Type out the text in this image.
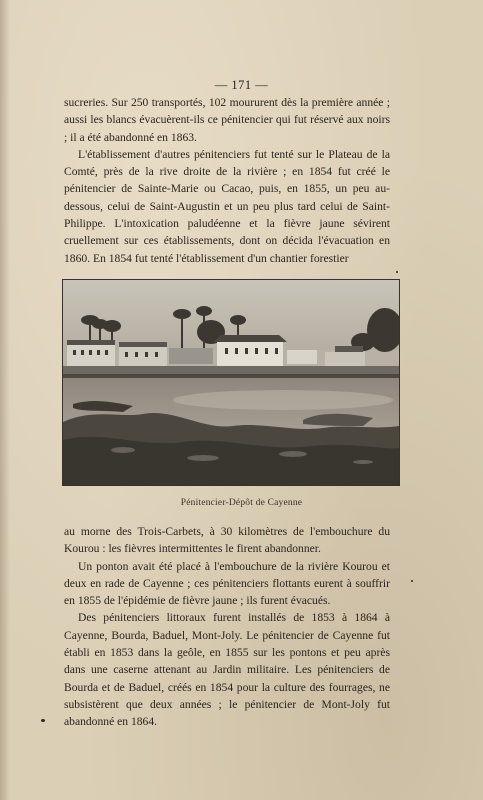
— 171 —

sucreries. Sur 250 transportés, 102 moururent dès la première année ; aussi les blancs évacuèrent-ils ce pénitencier qui fut réservé aux noirs ; il a été abandonné en 1863.

L'établissement d'autres pénitenciers fut tenté sur le Plateau de la Comté, près de la rive droite de la rivière ; en 1854 fut créé le pénitencier de Sainte-Marie ou Cacao, puis, en 1855, un peu au-dessous, celui de Saint-Augustin et un peu plus tard celui de Saint-Philippe. L'intoxication paludéenne et la fièvre jaune sévirent cruellement sur ces établissements, dont on décida l'évacuation en 1860. En 1854 fut tenté l'établissement d'un chantier forestier

Pénitencier-Dépôt de Cayenne

au morne des Trois-Carbets, à 30 kilomètres de l'embouchure du Kourou : les fièvres intermittentes le firent abandonner.

Un ponton avait été placé à l'embouchure de la rivière Kourou et deux en rade de Cayenne ; ces pénitenciers flottants eurent à souffrir en 1855 de l'épidémie de fièvre jaune ; ils furent évacués.

Des pénitenciers littoraux furent installés de 1853 à 1864 à Cayenne, Bourda, Baduel, Mont-Joly. Le pénitencier de Cayenne fut établi en 1853 dans la geôle, en 1855 sur les pontons et peu après dans une caserne attenant au Jardin militaire. Les pénitenciers de Bourda et de Baduel, créés en 1854 pour la culture des fourrages, ne subsistèrent que deux années ; le pénitencier de Mont-Joly fut abandonné en 1864.
